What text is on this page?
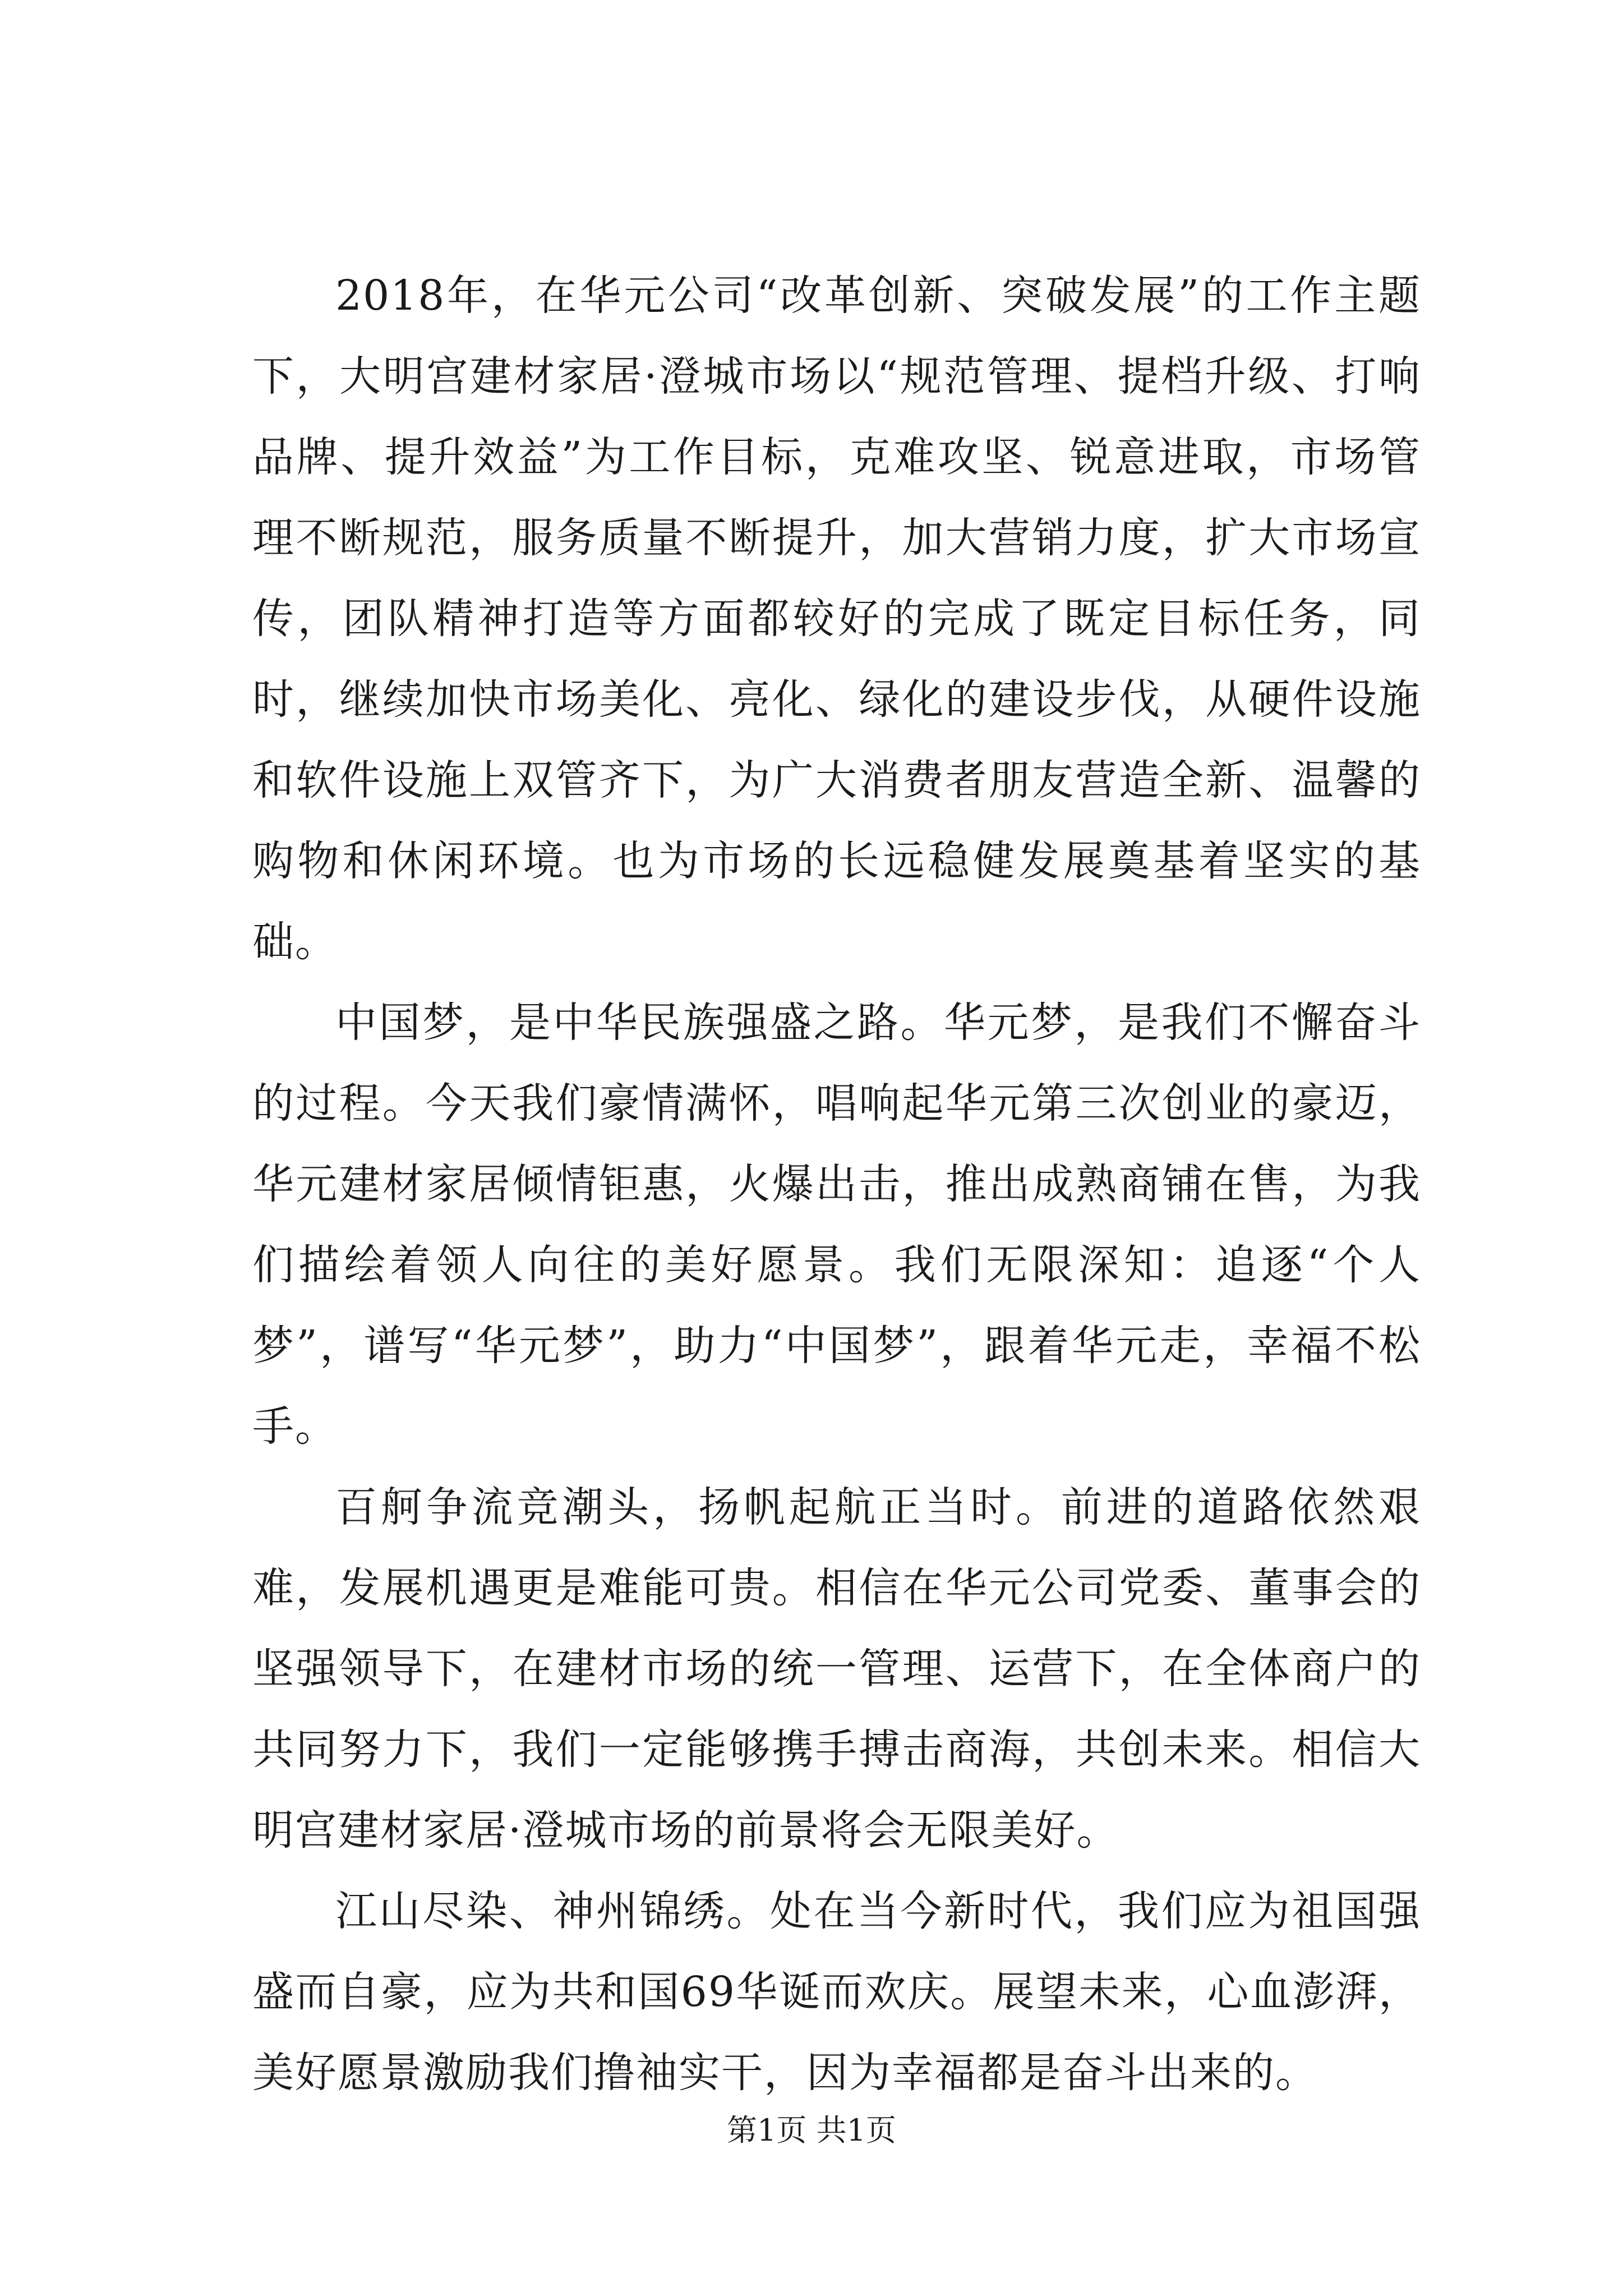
2018年，在华元公司“改革创新、突破发展”的工作主题下，大明宫建材家居·澄城市场以“规范管理、提档升级、打响品牌、提升效益”为工作目标，克难攻坚、锐意进取，市场管理不断规范，服务质量不断提升，加大营销力度，扩大市场宣传，团队精神打造等方面都较好的完成了既定目标任务，同时，继续加快市场美化、亮化、绿化的建设步伐，从硬件设施和软件设施上双管齐下，为广大消费者朋友营造全新、温馨的购物和休闲环境。也为市场的长远稳健发展奠基着坚实的基础。

中国梦，是中华民族强盛之路。华元梦，是我们不懈奋斗的过程。今天我们豪情满怀，唱响起华元第三次创业的豪迈，华元建材家居倾情钜惠，火爆出击，推出成熟商铺在售，为我们描绘着领人向往的美好愿景。我们无限深知：追逐“个人梦”，谱写“华元梦”，助力“中国梦”，跟着华元走，幸福不松手。

百舸争流竞潮头，扬帆起航正当时。前进的道路依然艰难，发展机遇更是难能可贵。相信在华元公司党委、董事会的坚强领导下，在建材市场的统一管理、运营下，在全体商户的共同努力下，我们一定能够携手搏击商海，共创未来。相信大明宫建材家居·澄城市场的前景将会无限美好。

江山尽染、神州锦绣。处在当今新时代，我们应为祖国强盛而自豪，应为共和国69华诞而欢庆。展望未来，心血澎湃，美好愿景激励我们撸袖实干，因为幸福都是奋斗出来的。

第1页 共1页
